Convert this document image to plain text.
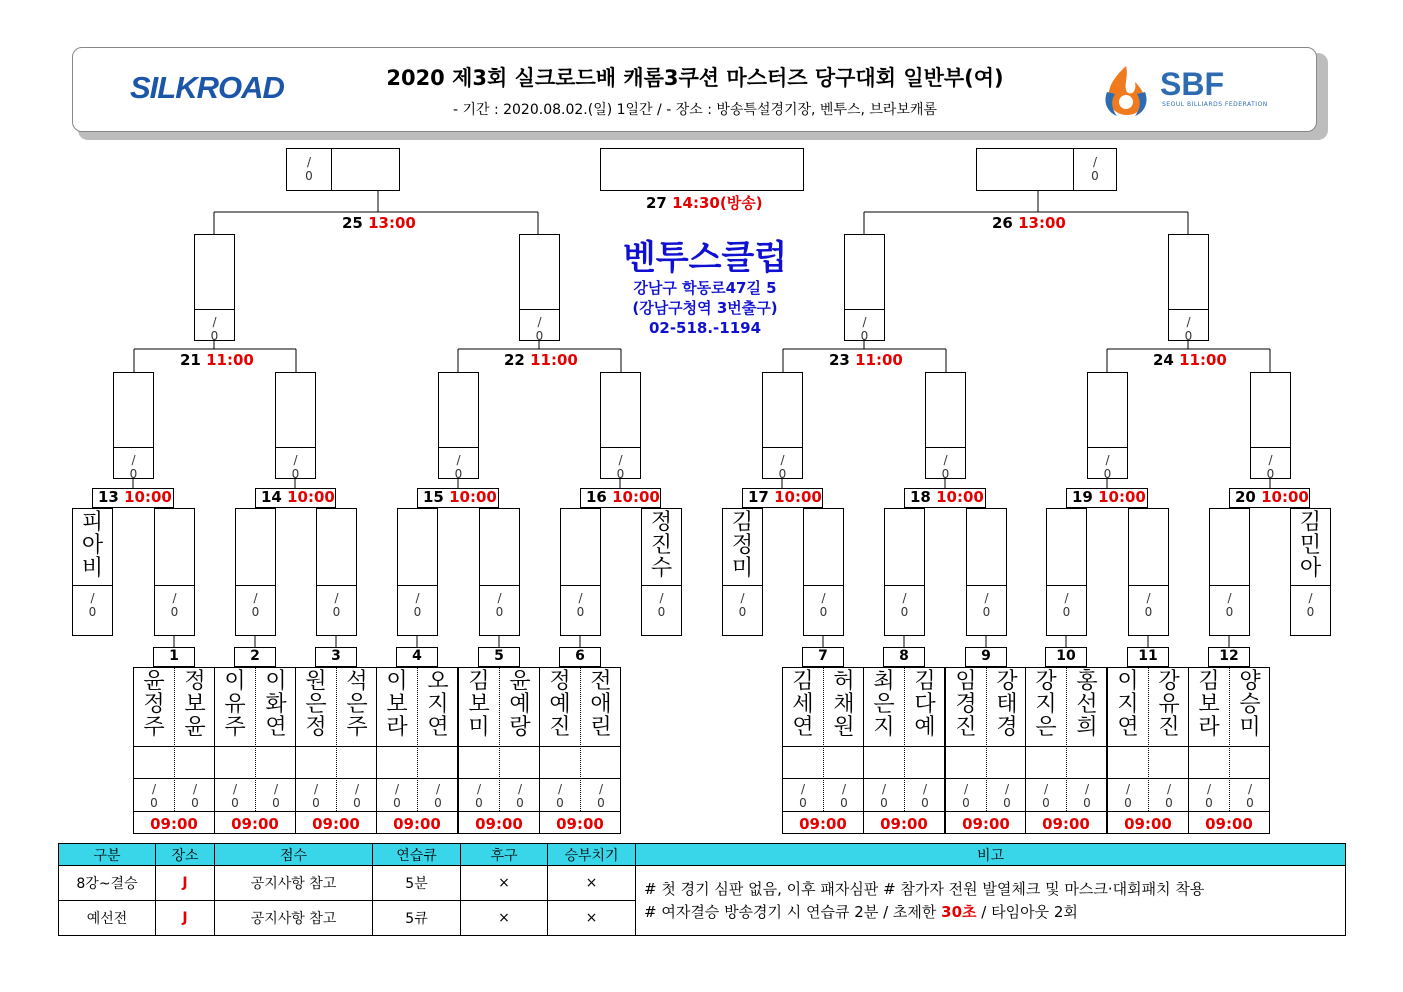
SILKROAD	2020 제3회 실크로드배 캐롬3쿠션 마스터즈 당구대회 일반부(여)
- 기간 : 2020.08.02.(일) 1일간 / - 장소 : 방송특설경기장, 벤투스, 브라보캐롬
SBF
SEOUL BILLIARDS FEDERATION
/
0
/
0
27 14:30(방송)
25 13:00	26 13:00
/
0
/
0
/
0
/
0
21 11:00	22 11:00	23 11:00	24 11:00
/
0
/
0
/
0
/
0
/
0
/
0
/
0
/
0
13 10:00
피
아
비
/
0
/
0
14 10:00
/
0
/
0
15 10:00
/
0
/
0
16 10:00
/
0
정
진
수
/
0
17 10:00
김
정
미
/
0
/
0
18 10:00
/
0
/
0
19 10:00
/
0
/
0
20 10:00
/
0
김
민
아
/
0
1
윤
정
주
/
0
정
보
윤
/
0
09:00
2
이
유
주
/
0
이
화
연
/
0
09:00
3
원
은
정
/
0
석
은
주
/
0
09:00
4
이
보
라
/
0
오
지
연
/
0
09:00
5
김
보
미
/
0
윤
예
랑
/
0
09:00
6
정
예
진
/
0
전
애
린
/
0
09:00
7
김
세
연
/
0
허
채
원
/
0
09:00
8
최
은
지
/
0
김
다
예
/
0
09:00
9
임
경
진
/
0
강
태
경
/
0
09:00
10
강
지
은
/
0
홍
선
희
/
0
09:00
11
이
지
연
/
0
강
유
진
/
0
09:00
12
김
보
라
/
0
양
승
미
/
0
09:00
벤투스클럽
강남구 학동로47길 5
(강남구청역 3번출구)
02-518.-1194
구분	장소	점수	연습큐	후구	승부치기	비고
8강~결승	J	공지사항 참고	5분	×	×	# 첫 경기 심판 없음, 이후 패자심판 # 참가자 전원 발열체크 및 마스크·대회패치 착용
# 여자결승 방송경기 시 연습큐 2분 / 초제한 30초 / 타임아웃 2회

예선전	J	공지사항 참고	5큐	×	×	
